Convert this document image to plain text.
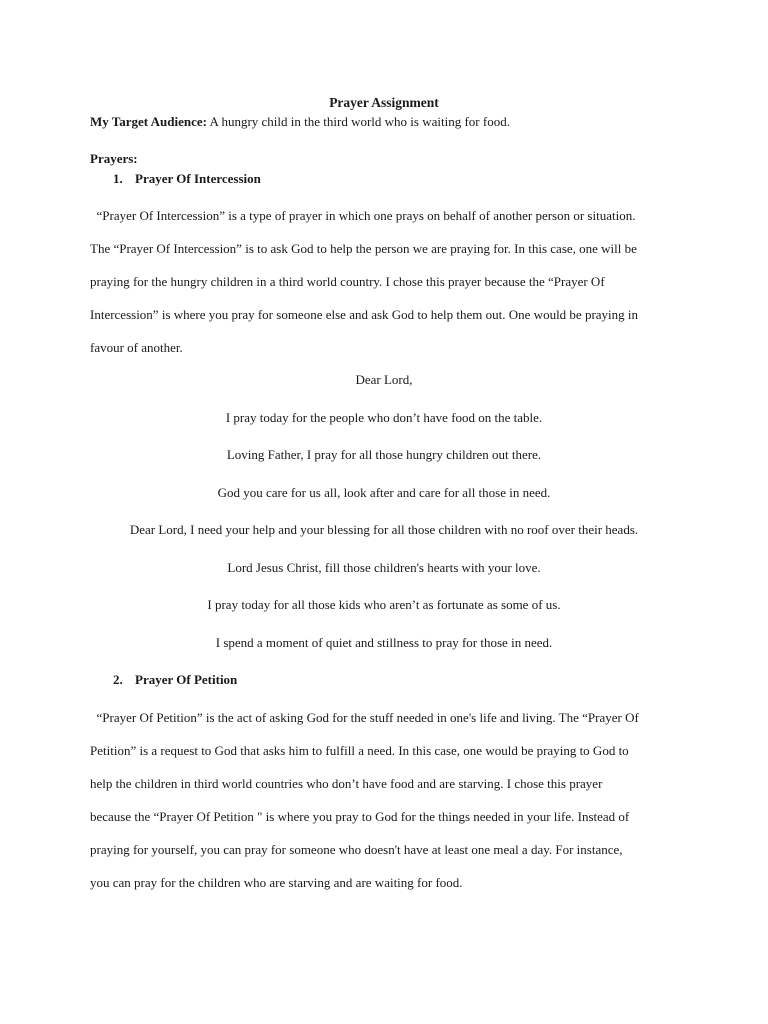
Prayer Assignment
My Target Audience: A hungry child in the third world who is waiting for food.
Prayers:
1. Prayer Of Intercession

“Prayer Of Intercession” is a type of prayer in which one prays on behalf of another person or situation.

The “Prayer Of Intercession” is to ask God to help the person we are praying for. In this case, one will be

praying for the hungry children in a third world country. I chose this prayer because the “Prayer Of

Intercession” is where you pray for someone else and ask God to help them out. One would be praying in

favour of another.

Dear Lord,
I pray today for the people who don’t have food on the table.
Loving Father, I pray for all those hungry children out there.
God you care for us all, look after and care for all those in need.
Dear Lord, I need your help and your blessing for all those children with no roof over their heads.
Lord Jesus Christ, fill those children's hearts with your love.
I pray today for all those kids who aren’t as fortunate as some of us.
I spend a moment of quiet and stillness to pray for those in need.
2. Prayer Of Petition

“Prayer Of Petition” is the act of asking God for the stuff needed in one's life and living. The “Prayer Of

Petition” is a request to God that asks him to fulfill a need. In this case, one would be praying to God to

help the children in third world countries who don’t have food and are starving. I chose this prayer

because the “Prayer Of Petition " is where you pray to God for the things needed in your life. Instead of

praying for yourself, you can pray for someone who doesn't have at least one meal a day. For instance,

you can pray for the children who are starving and are waiting for food.
